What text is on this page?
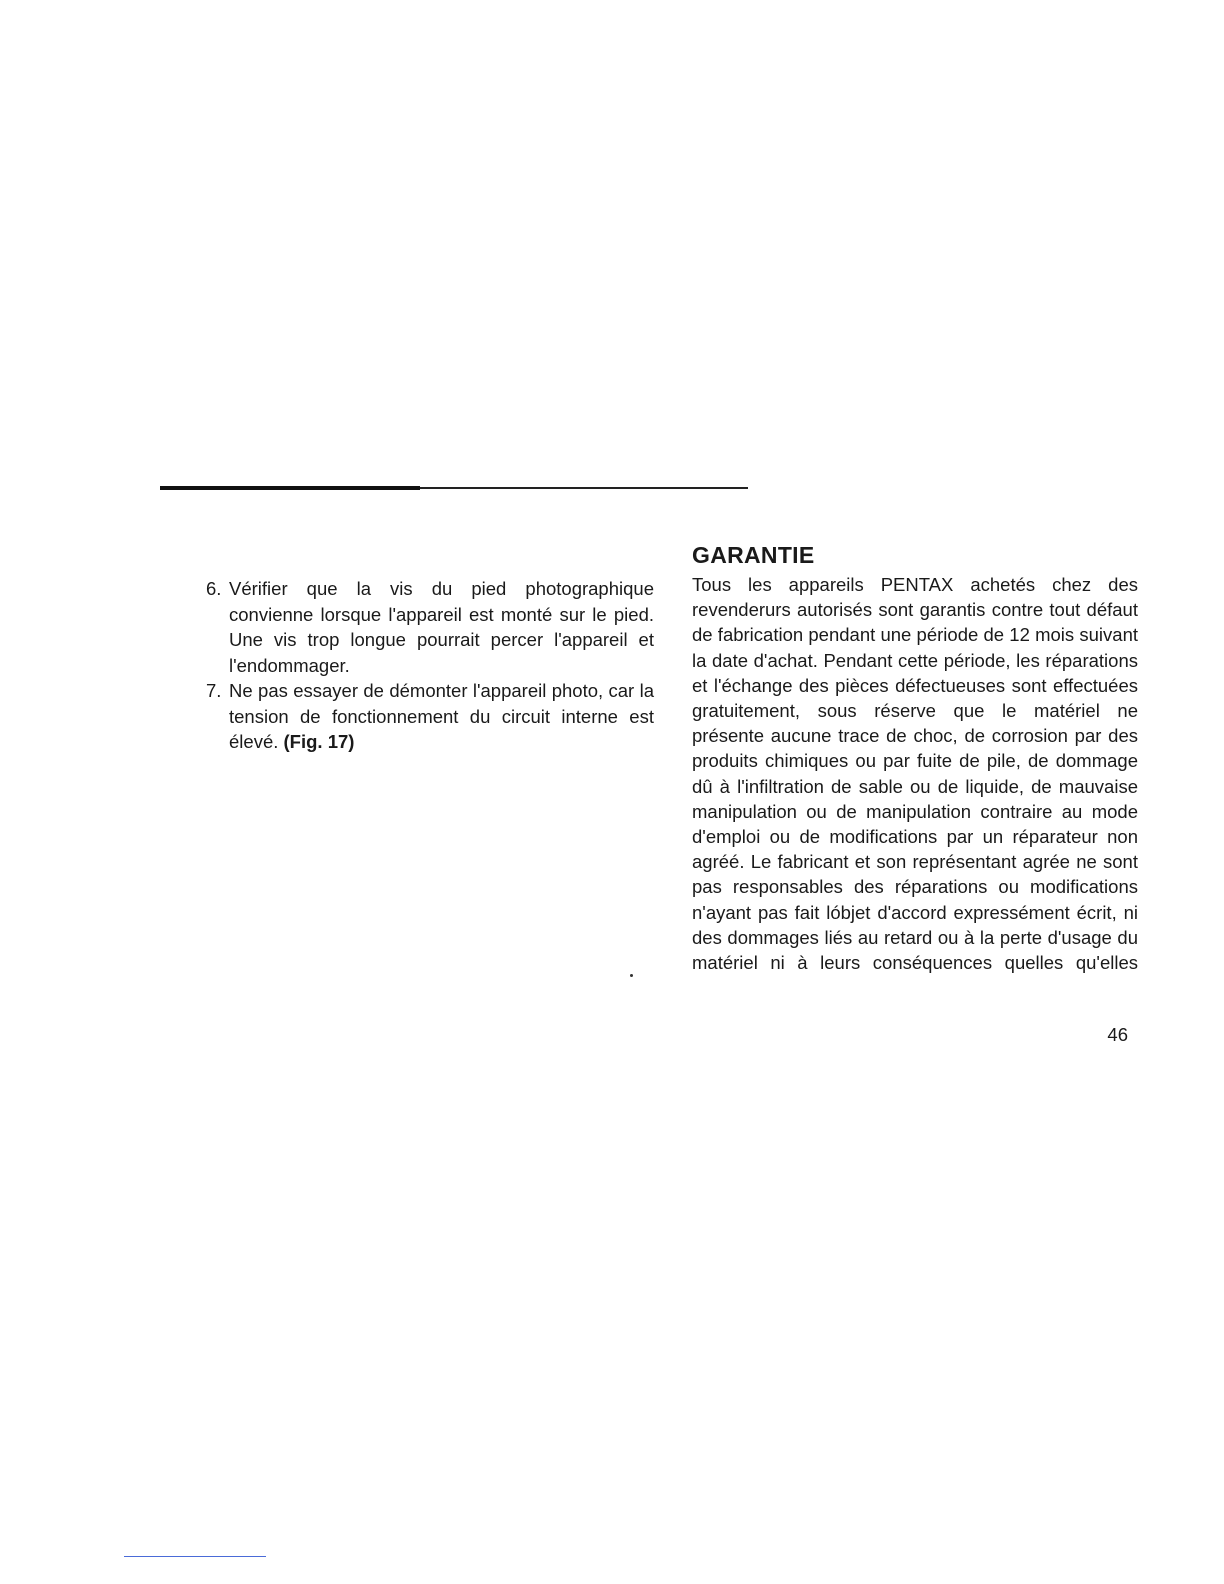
6. Vérifier que la vis du pied photographique convienne lorsque l'appareil est monté sur le pied. Une vis trop longue pourrait percer l'appareil et l'endommager.
7. Ne pas essayer de démonter l'appareil photo, car la tension de fonctionnement du circuit interne est élevé. (Fig. 17)
GARANTIE

Tous les appareils PENTAX achetés chez des revenderurs autorisés sont garantis contre tout défaut de fabrication pendant une période de 12 mois suivant la date d'achat. Pendant cette période, les réparations et l'échange des pièces défectueuses sont effectuées gratuitement, sous réserve que le matériel ne présente aucune trace de choc, de corrosion par des produits chimiques ou par fuite de pile, de dommage dû à l'infiltration de sable ou de liquide, de mauvaise manipulation ou de manipulation contraire au mode d'emploi ou de modifications par un réparateur non agréé. Le fabricant et son représentant agrée ne sont pas responsables des réparations ou modifications n'ayant pas fait lóbjet d'accord expressément écrit, ni des dommages liés au retard ou à la perte d'usage du matériel ni à leurs conséquences quelles qu'elles

46
